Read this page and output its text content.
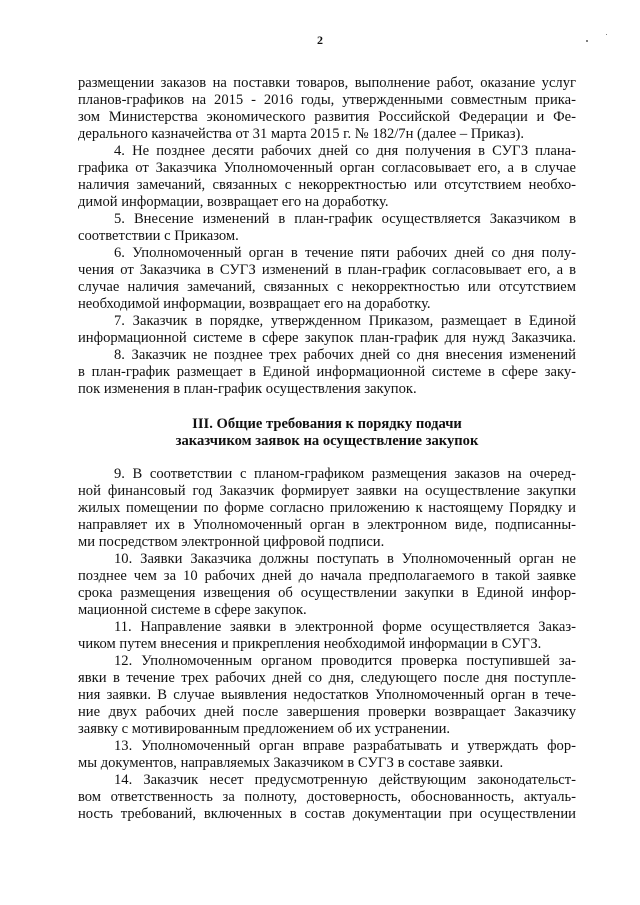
2
размещении заказов на поставки товаров, выполнение работ, оказание услуг
планов-графиков на 2015 - 2016 годы, утвержденными совместным прика-
зом Министерства экономического развития Российской Федерации и Фе-
дерального казначейства от 31 марта 2015 г. № 182/7н (далее – Приказ).
4. Не позднее десяти рабочих дней со дня получения в СУГЗ плана-
графика от Заказчика Уполномоченный орган согласовывает его, а в случае
наличия замечаний, связанных с некорректностью или отсутствием необхо-
димой информации, возвращает его на доработку.
5. Внесение изменений в план-график осуществляется Заказчиком в
соответствии с Приказом.
6. Уполномоченный орган в течение пяти рабочих дней со дня полу-
чения от Заказчика в СУГЗ изменений в план-график согласовывает его, а в
случае наличия замечаний, связанных с некорректностью или отсутствием
необходимой информации, возвращает его на доработку.
7. Заказчик в порядке, утвержденном Приказом, размещает в Единой
информационной системе в сфере закупок план-график для нужд Заказчика.
8. Заказчик не позднее трех рабочих дней со дня внесения изменений
в план-график размещает в Единой информационной системе в сфере заку-
пок изменения в план-график осуществления закупок.
III. Общие требования к порядку подачи
заказчиком заявок на осуществление закупок
9. В соответствии с планом-графиком размещения заказов на очеред-
ной финансовый год Заказчик формирует заявки на осуществление закупки
жилых помещении по форме согласно приложению к настоящему Порядку и
направляет их в Уполномоченный орган в электронном виде, подписанны-
ми посредством электронной цифровой подписи.
10. Заявки Заказчика должны поступать в Уполномоченный орган не
позднее чем за 10 рабочих дней до начала предполагаемого в такой заявке
срока размещения извещения об осуществлении закупки в Единой инфор-
мационной системе в сфере закупок.
11. Направление заявки в электронной форме осуществляется Заказ-
чиком путем внесения и прикрепления необходимой информации в СУГЗ.
12. Уполномоченным органом проводится проверка поступившей за-
явки в течение трех рабочих дней со дня, следующего после дня поступле-
ния заявки. В случае выявления недостатков Уполномоченный орган в тече-
ние двух рабочих дней после завершения проверки возвращает Заказчику
заявку с мотивированным предложением об их устранении.
13. Уполномоченный орган вправе разрабатывать и утверждать фор-
мы документов, направляемых Заказчиком в СУГЗ в составе заявки.
14. Заказчик несет предусмотренную действующим законодательст-
вом ответственность за полноту, достоверность, обоснованность, актуаль-
ность требований, включенных в состав документации при осуществлении
